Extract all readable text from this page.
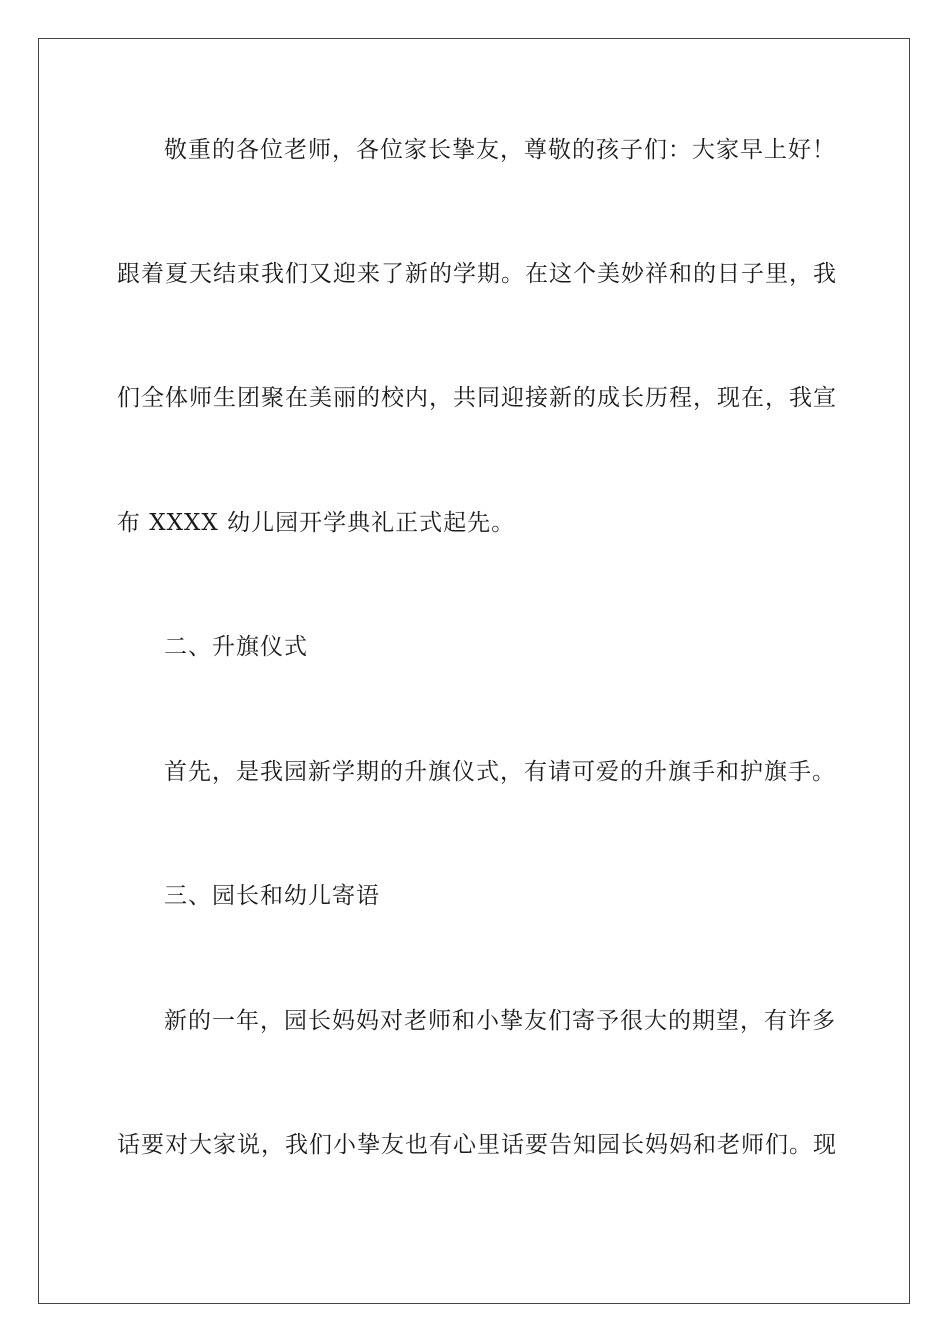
敬重的各位老师，各位家长挚友，尊敬的孩子们：大家早上好！
跟着夏天结束我们又迎来了新的学期。在这个美妙祥和的日子里，我
们全体师生团聚在美丽的校内，共同迎接新的成长历程，现在，我宣
布 XXXX 幼儿园开学典礼正式起先。
二、升旗仪式
首先，是我园新学期的升旗仪式，有请可爱的升旗手和护旗手。
三、园长和幼儿寄语
新的一年，园长妈妈对老师和小挚友们寄予很大的期望，有许多
话要对大家说，我们小挚友也有心里话要告知园长妈妈和老师们。现
